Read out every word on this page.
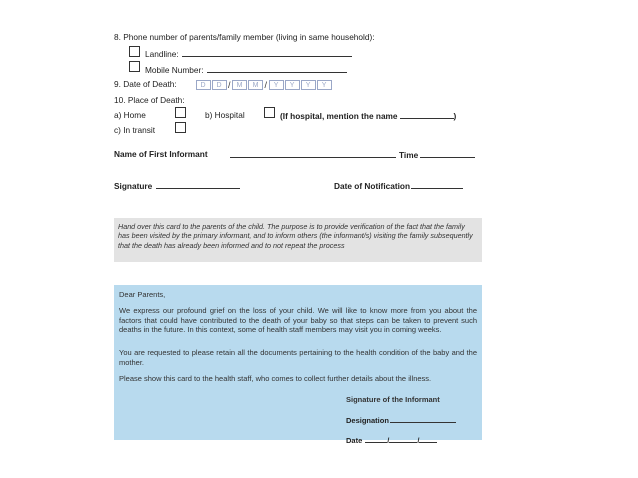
8. Phone number of parents/family member (living in same household):
Landline:
Mobile Number:
9. Date of Death:	D D / M M / Y Y Y Y
10. Place of Death:
a) Home	b) Hospital	(If hospital, mention the name	)
c) In transit
Name of First Informant	Time
Signature	Date of Notification

Hand over this card to the parents of the child. The purpose is to provide verification of the fact that the family has been visited by the primary informant, and to inform others (the informant/s) visiting the family subsequently that the death has already been informed and to not repeat the process

Dear Parents,

We express our profound grief on the loss of your child. We will like to know more from you about the factors that could have contributed to the death of your baby so that steps can be taken to prevent such deaths in the future. In this context, some of health staff members may visit you in coming weeks.

You are requested to please retain all the documents pertaining to the health condition of the baby and the mother.

Please show this card to the health staff, who comes to collect further details about the illness.

Signature of the Informant

Designation
Date	/	/
